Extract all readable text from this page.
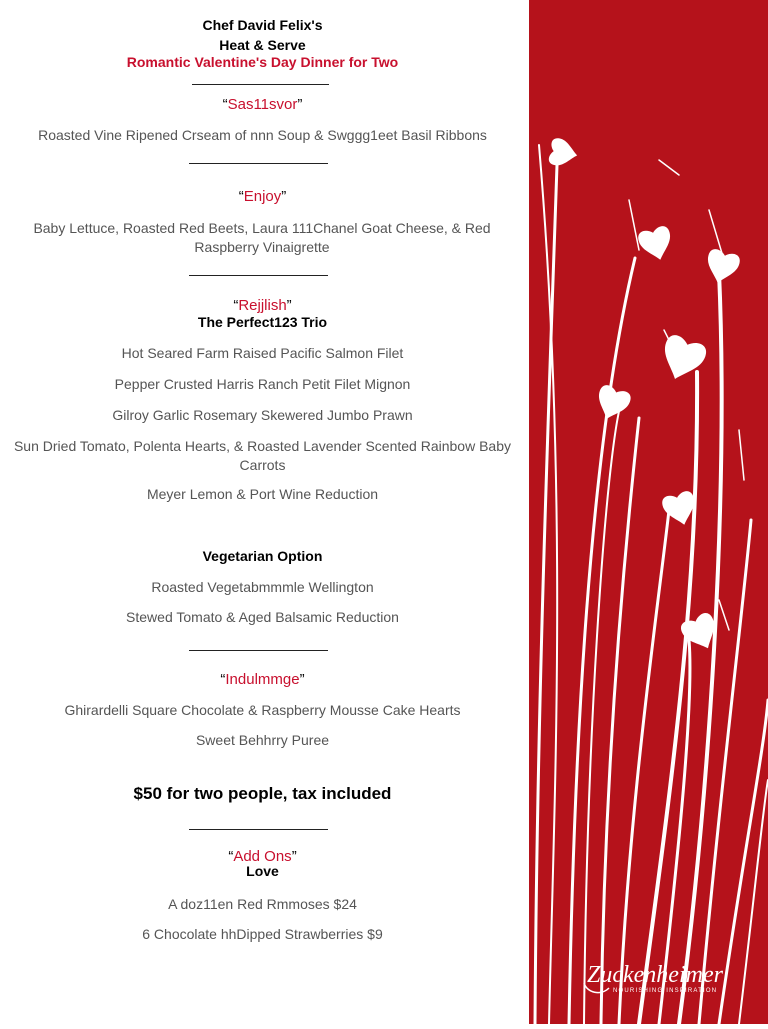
Chef David Felix's
Heat & Serve
Romantic Valentine's Day Dinner for Two
“Sas11svor”
Roasted Vine Ripened Crseam of nnn Soup & Swggg1eet Basil Ribbons
“Enjoy”
Baby Lettuce, Roasted Red Beets, Laura 111Chanel Goat Cheese, & Red Raspberry Vinaigrette
“Rejjlish”
The Perfect123 Trio
Hot Seared Farm Raised Pacific Salmon Filet
Pepper Crusted Harris Ranch Petit Filet Mignon
Gilroy Garlic Rosemary Skewered Jumbo Prawn
Sun Dried Tomato, Polenta Hearts, & Roasted Lavender Scented Rainbow Baby Carrots
Meyer Lemon & Port Wine Reduction
Vegetarian Option
Roasted Vegetabmmmle Wellington
Stewed Tomato & Aged Balsamic Reduction
“Indulmmge”
Ghirardelli Square Chocolate & Raspberry Mousse Cake Hearts
Sweet Behhrry Puree
$50 for two people, tax included
“Add Ons”
Love
A doz11en Red Rmmoses $24
6 Chocolate hhDipped Strawberries $9
Zuckenheimer
NOURISHING INSPIRATION
